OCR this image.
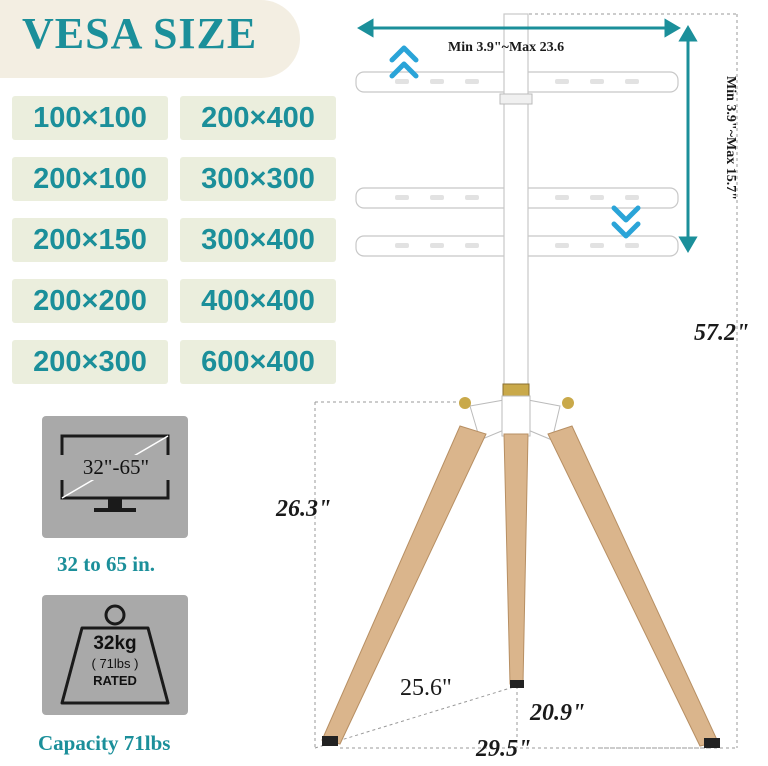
VESA SIZE
100×100	200×400
200×100	300×300
200×150	300×400
200×200	400×400
200×300	600×400
32"-65"
32 to 65 in.
32kg
( 71lbs )
RATED
Capacity 71lbs
Min 3.9"~Max 23.6
Min 3.9"~Max 15.7"
57.2"
26.3"
25.6"
20.9"
29.5"
